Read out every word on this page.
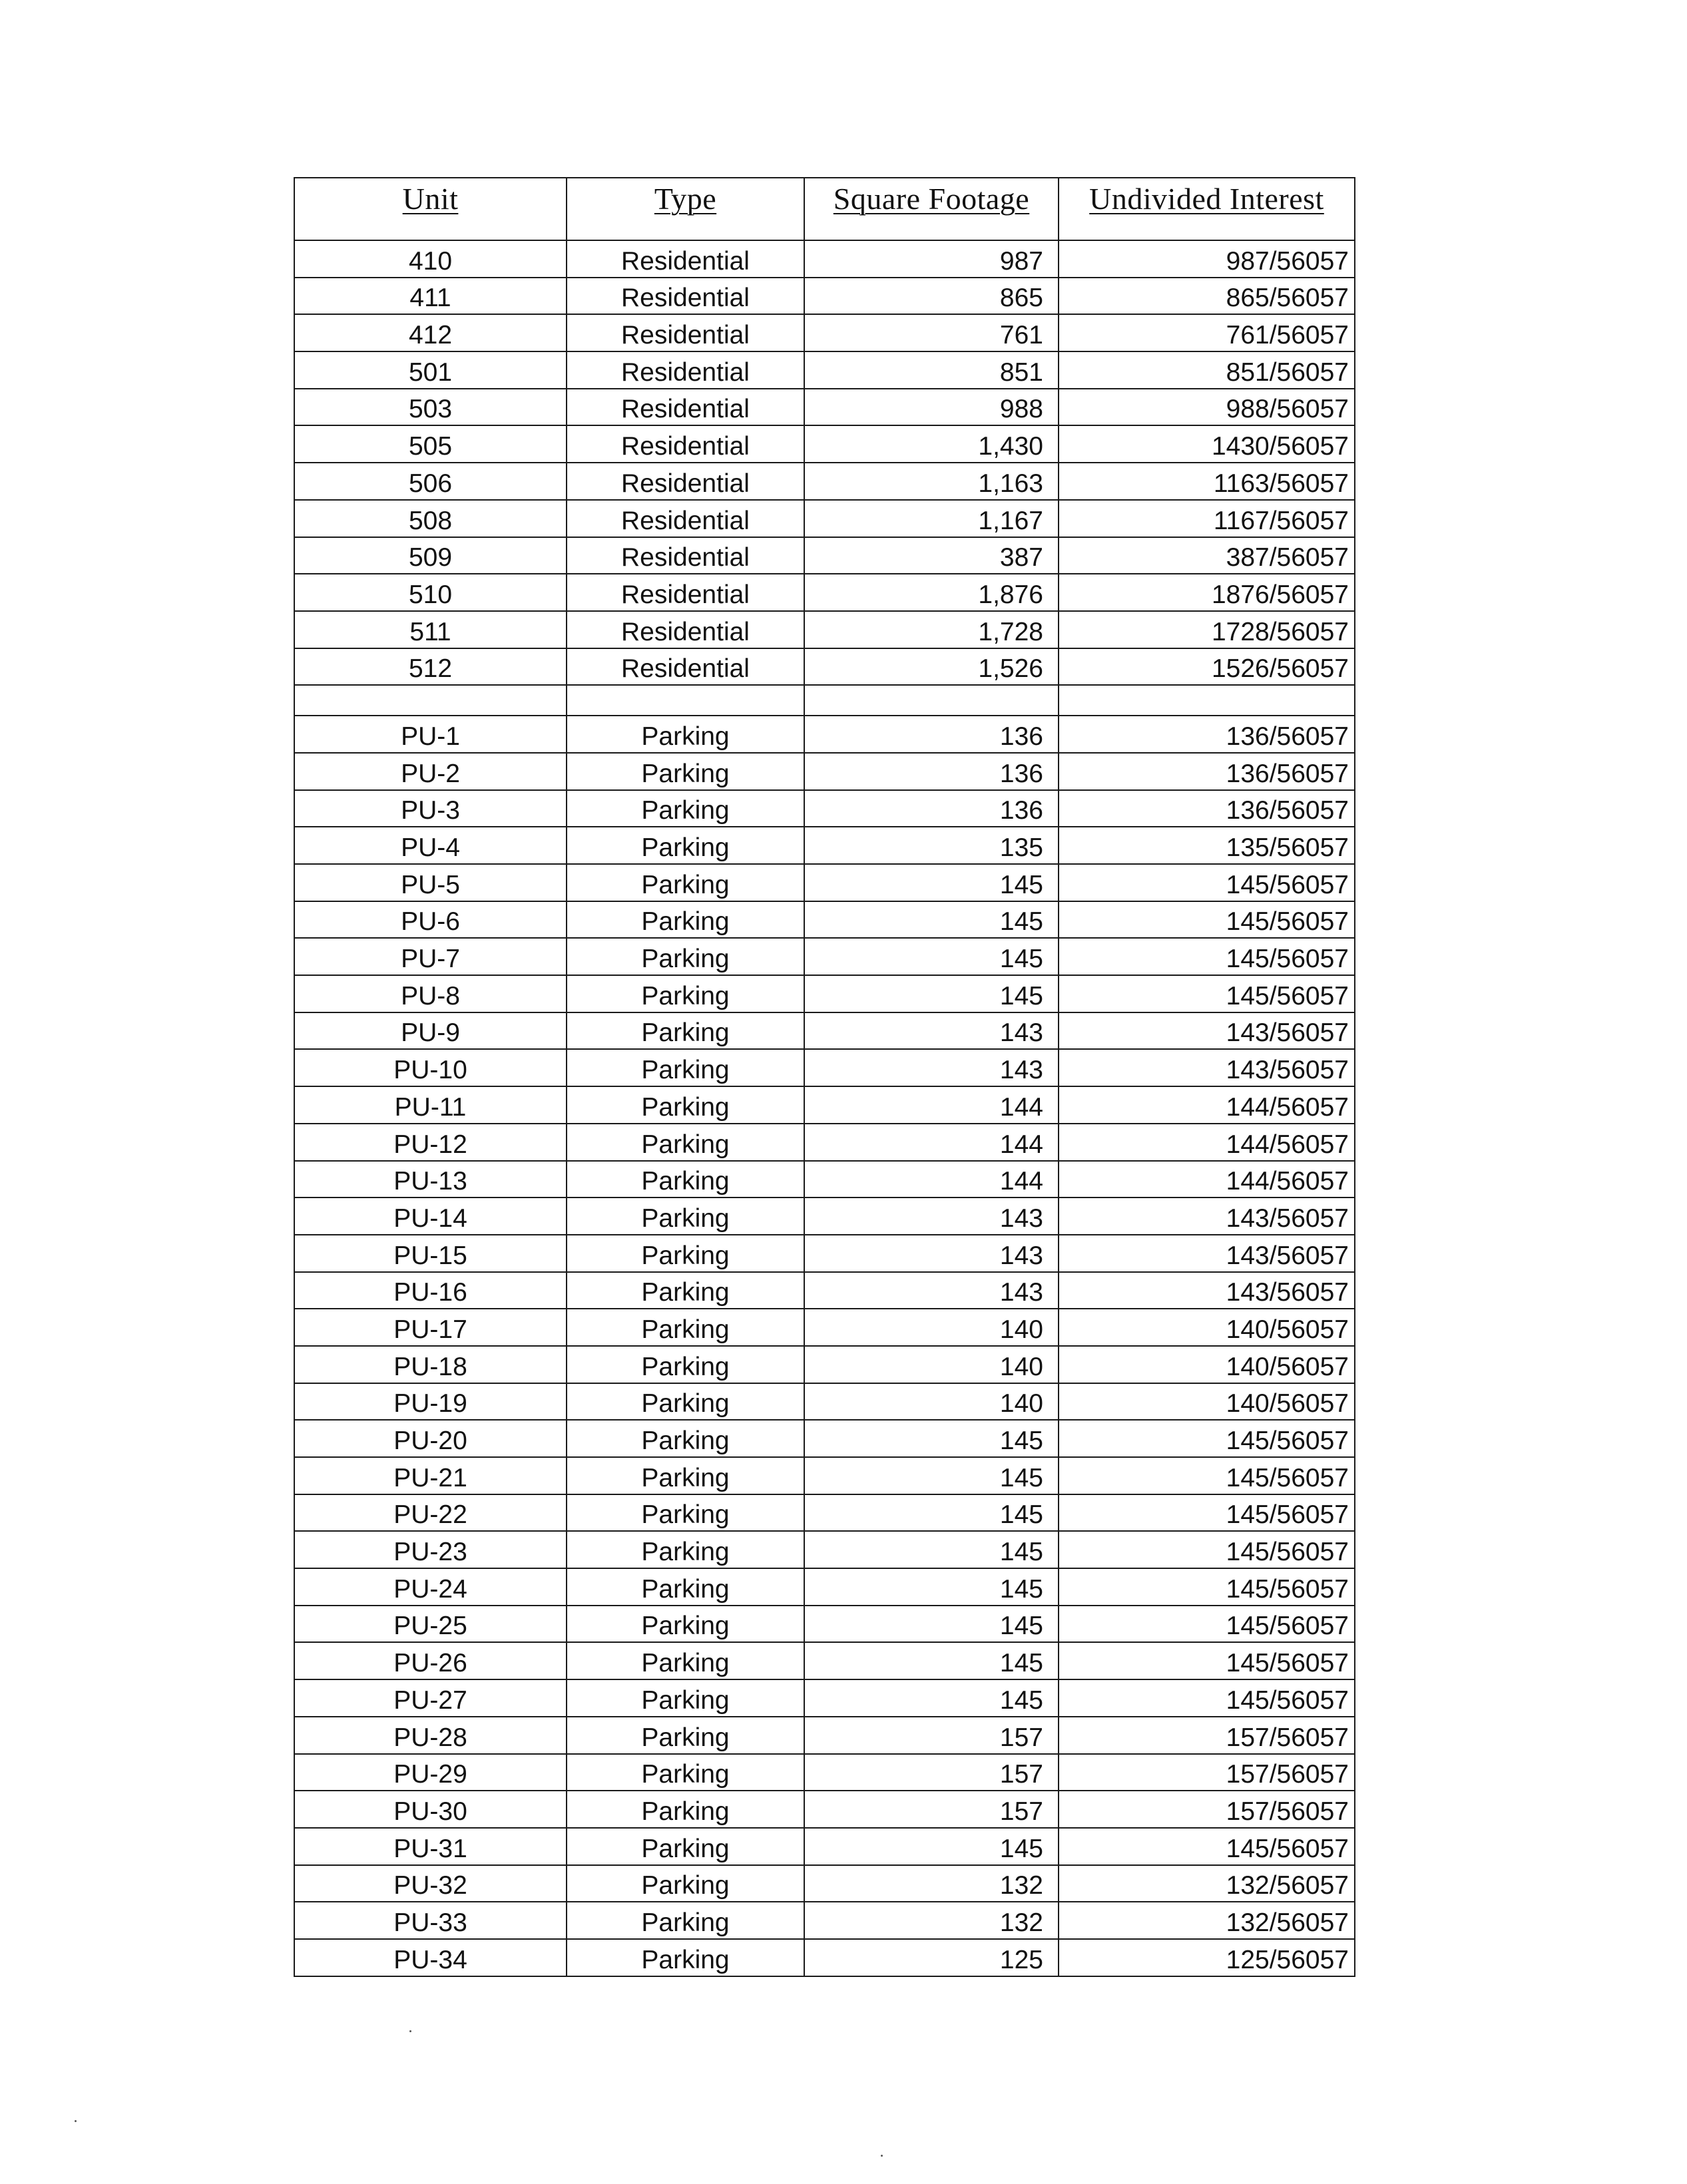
Unit	Type	Square Footage	Undivided Interest
410	Residential	987	987/56057
411	Residential	865	865/56057
412	Residential	761	761/56057
501	Residential	851	851/56057
503	Residential	988	988/56057
505	Residential	1,430	1430/56057
506	Residential	1,163	1163/56057
508	Residential	1,167	1167/56057
509	Residential	387	387/56057
510	Residential	1,876	1876/56057
511	Residential	1,728	1728/56057
512	Residential	1,526	1526/56057

PU-1	Parking	136	136/56057
PU-2	Parking	136	136/56057
PU-3	Parking	136	136/56057
PU-4	Parking	135	135/56057
PU-5	Parking	145	145/56057
PU-6	Parking	145	145/56057
PU-7	Parking	145	145/56057
PU-8	Parking	145	145/56057
PU-9	Parking	143	143/56057
PU-10	Parking	143	143/56057
PU-11	Parking	144	144/56057
PU-12	Parking	144	144/56057
PU-13	Parking	144	144/56057
PU-14	Parking	143	143/56057
PU-15	Parking	143	143/56057
PU-16	Parking	143	143/56057
PU-17	Parking	140	140/56057
PU-18	Parking	140	140/56057
PU-19	Parking	140	140/56057
PU-20	Parking	145	145/56057
PU-21	Parking	145	145/56057
PU-22	Parking	145	145/56057
PU-23	Parking	145	145/56057
PU-24	Parking	145	145/56057
PU-25	Parking	145	145/56057
PU-26	Parking	145	145/56057
PU-27	Parking	145	145/56057
PU-28	Parking	157	157/56057
PU-29	Parking	157	157/56057
PU-30	Parking	157	157/56057
PU-31	Parking	145	145/56057
PU-32	Parking	132	132/56057
PU-33	Parking	132	132/56057
PU-34	Parking	125	125/56057
